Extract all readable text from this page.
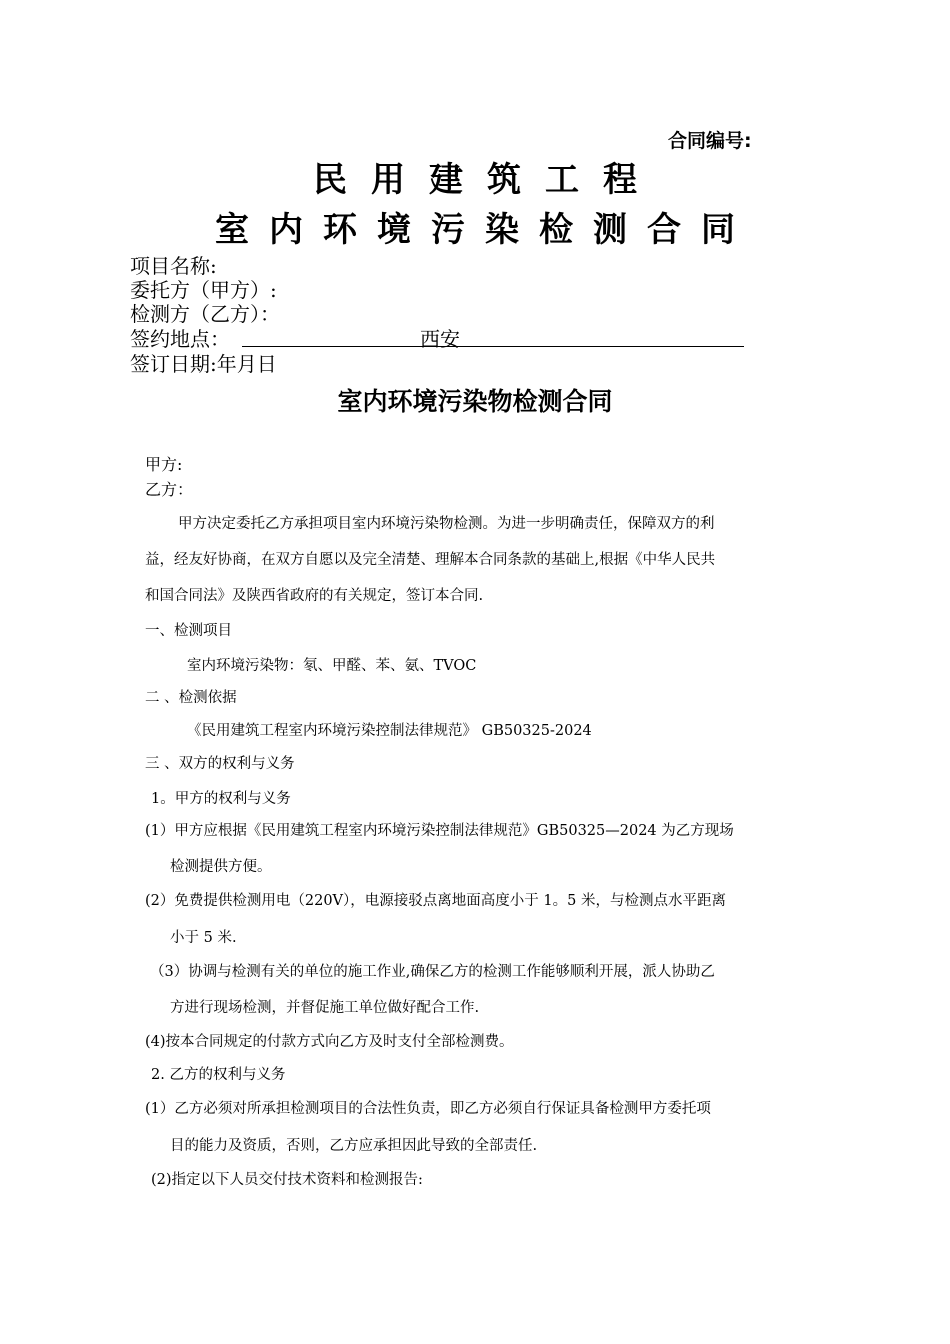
合同编号:
民用建筑工程
室内环境污染检测合同
项目名称:
委托方（甲方）:
检测方（乙方）：
签约地点：	西安
签订日期:年月日
室内环境污染物检测合同
甲方:
乙方：
甲方决定委托乙方承担项目室内环境污染物检测。为进一步明确责任，保障双方的利
益，经友好协商，在双方自愿以及完全清楚、理解本合同条款的基础上,根据《中华人民共
和国合同法》及陕西省政府的有关规定，签订本合同.
一、检测项目
室内环境污染物：氡、甲醛、苯、氨、TVOC
二 、检测依据
《民用建筑工程室内环境污染控制法律规范》 GB50325-2024
三 、双方的权利与义务
1。甲方的权利与义务
(1）甲方应根据《民用建筑工程室内环境污染控制法律规范》GB50325—2024 为乙方现场
检测提供方便。
(2）免费提供检测用电（220V），电源接驳点离地面高度小于 1。5 米，与检测点水平距离
小于 5 米.
（3）协调与检测有关的单位的施工作业,确保乙方的检测工作能够顺利开展，派人协助乙
方进行现场检测，并督促施工单位做好配合工作.
(4)按本合同规定的付款方式向乙方及时支付全部检测费。
2. 乙方的权利与义务
(1）乙方必须对所承担检测项目的合法性负责，即乙方必须自行保证具备检测甲方委托项
目的能力及资质，否则，乙方应承担因此导致的全部责任.
(2)指定以下人员交付技术资料和检测报告:
